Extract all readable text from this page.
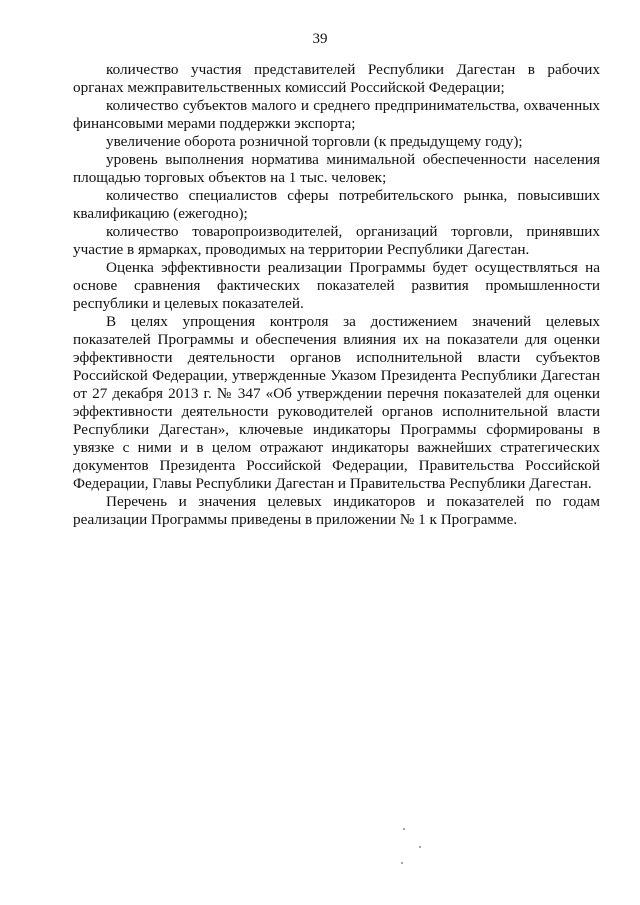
39

количество участия представителей Республики Дагестан в рабочих органах межправительственных комиссий Российской Федерации;

количество субъектов малого и среднего предпринимательства, охваченных финансовыми мерами поддержки экспорта;

увеличение оборота розничной торговли (к предыдущему году);

уровень выполнения норматива минимальной обеспеченности населения площадью торговых объектов на 1 тыс. человек;

количество специалистов сферы потребительского рынка, повысивших квалификацию (ежегодно);

количество товаропроизводителей, организаций торговли, принявших участие в ярмарках, проводимых на территории Республики Дагестан.

Оценка эффективности реализации Программы будет осуществляться на основе сравнения фактических показателей развития промышленности республики и целевых показателей.

В целях упрощения контроля за достижением значений целевых показателей Программы и обеспечения влияния их на показатели для оценки эффективности деятельности органов исполнительной власти субъектов Российской Федерации, утвержденные Указом Президента Республики Дагестан от 27 декабря 2013 г. № 347 «Об утверждении перечня показателей для оценки эффективности деятельности руководителей органов исполнительной власти Республики Дагестан», ключевые индикаторы Программы сформированы в увязке с ними и в целом отражают индикаторы важнейших стратегических документов Президента Российской Федерации, Правительства Российской Федерации, Главы Республики Дагестан и Правительства Республики Дагестан.

Перечень и значения целевых индикаторов и показателей по годам реализации Программы приведены в приложении № 1 к Программе.
